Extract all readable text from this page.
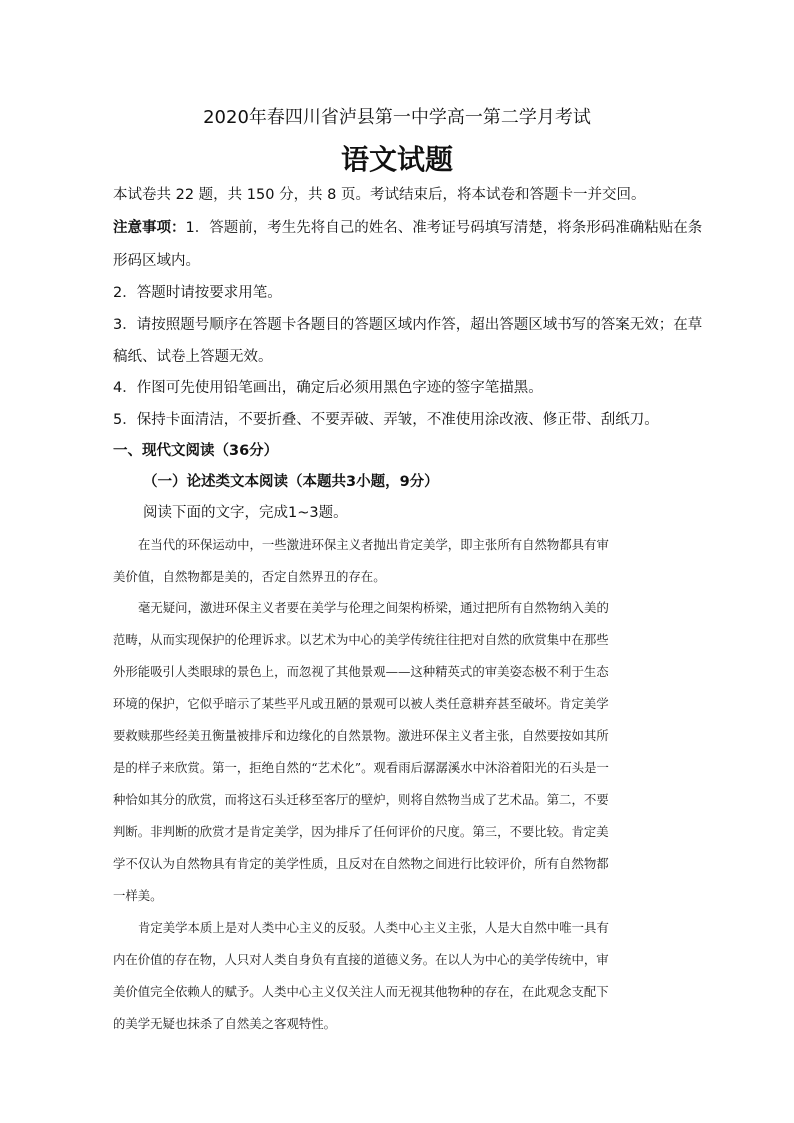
2020年春四川省泸县第一中学高一第二学月考试
语文试题

本试卷共 22 题，共 150 分，共 8 页。考试结束后，将本试卷和答题卡一并交回。

注意事项：1．答题前，考生先将自己的姓名、准考证号码填写清楚，将条形码准确粘贴在条

形码区域内。

2．答题时请按要求用笔。

3．请按照题号顺序在答题卡各题目的答题区域内作答，超出答题区域书写的答案无效；在草

稿纸、试卷上答题无效。

4．作图可先使用铅笔画出，确定后必须用黑色字迹的签字笔描黑。

5．保持卡面清洁，不要折叠、不要弄破、弄皱，不准使用涂改液、修正带、刮纸刀。

一、现代文阅读（36分）

（一）论述类文本阅读（本题共3小题，9分）

阅读下面的文字，完成1~3题。

在当代的环保运动中，一些激进环保主义者抛出肯定美学，即主张所有自然物都具有审

美价值，自然物都是美的，否定自然界丑的存在。

毫无疑问，激进环保主义者要在美学与伦理之间架构桥梁，通过把所有自然物纳入美的

范畴，从而实现保护的伦理诉求。以艺术为中心的美学传统往往把对自然的欣赏集中在那些

外形能吸引人类眼球的景色上，而忽视了其他景观——这种精英式的审美姿态极不利于生态

环境的保护，它似乎暗示了某些平凡或丑陋的景观可以被人类任意耕弃甚至破坏。肯定美学

要救赎那些经美丑衡量被排斥和边缘化的自然景物。激进环保主义者主张，自然要按如其所

是的样子来欣赏。第一，拒绝自然的“艺术化”。观看雨后潺潺溪水中沐浴着阳光的石头是一

种恰如其分的欣赏，而将这石头迁移至客厅的壁炉，则将自然物当成了艺术品。第二，不要

判断。非判断的欣赏才是肯定美学，因为排斥了任何评价的尺度。第三，不要比较。肯定美

学不仅认为自然物具有肯定的美学性质，且反对在自然物之间进行比较评价，所有自然物都

一样美。

肯定美学本质上是对人类中心主义的反驳。人类中心主义主张，人是大自然中唯一具有

内在价值的存在物，人只对人类自身负有直接的道德义务。在以人为中心的美学传统中，审

美价值完全依赖人的赋予。人类中心主义仅关注人而无视其他物种的存在，在此观念支配下

的美学无疑也抹杀了自然美之客观特性。
